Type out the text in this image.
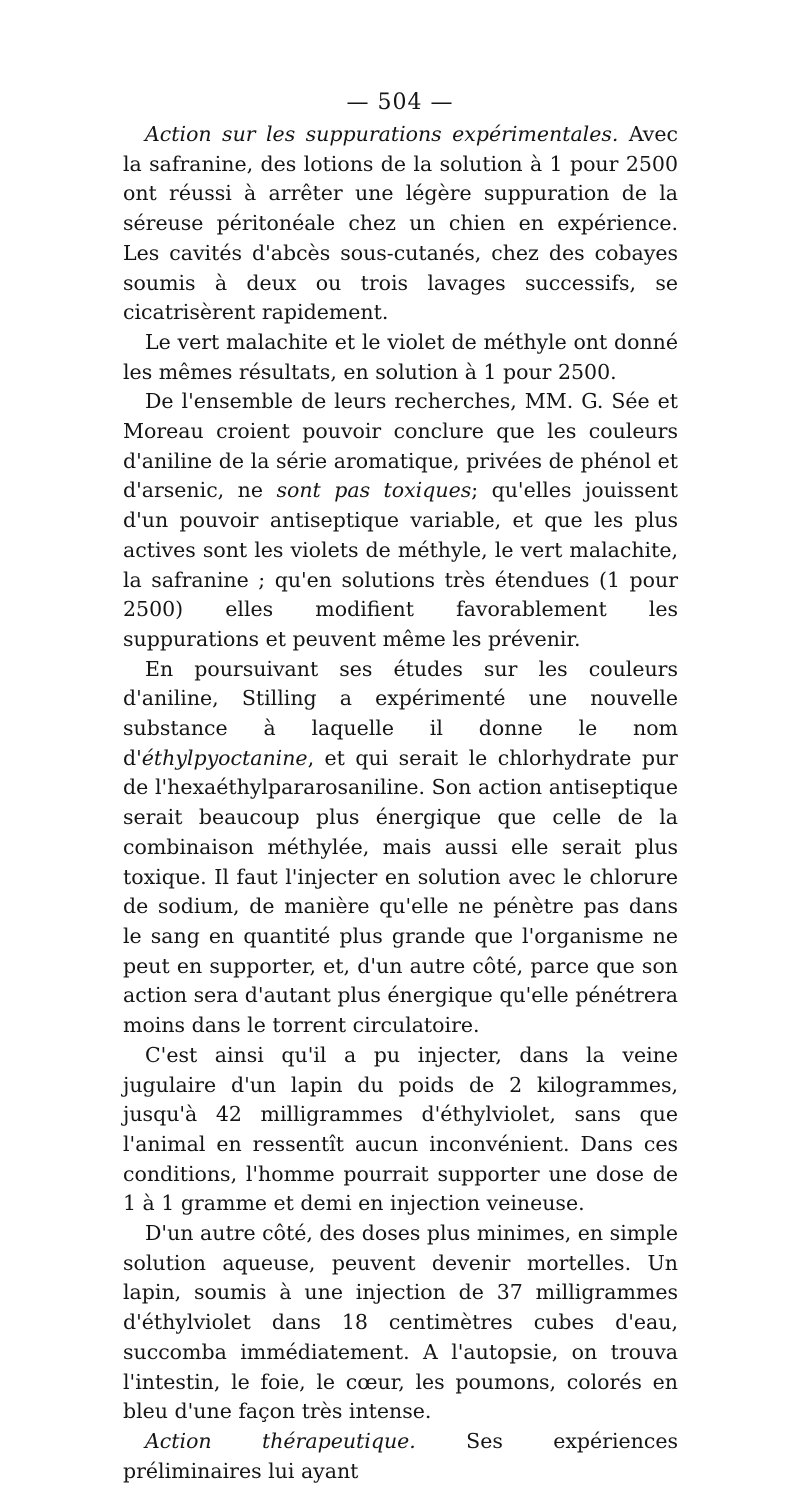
— 504 —

Action sur les suppurations expérimentales. Avec la safranine, des lotions de la solution à 1 pour 2500 ont réussi à arrêter une légère suppuration de la séreuse péritonéale chez un chien en expérience. Les cavités d'abcès sous-cutanés, chez des cobayes soumis à deux ou trois lavages successifs, se cicatrisèrent rapidement.

Le vert malachite et le violet de méthyle ont donné les mêmes résultats, en solution à 1 pour 2500.

De l'ensemble de leurs recherches, MM. G. Sée et Moreau croient pouvoir conclure que les couleurs d'aniline de la série aromatique, privées de phénol et d'arsenic, ne sont pas toxiques; qu'elles jouissent d'un pouvoir antiseptique variable, et que les plus actives sont les violets de méthyle, le vert malachite, la safranine ; qu'en solutions très étendues (1 pour 2500) elles modifient favorablement les suppurations et peuvent même les prévenir.

En poursuivant ses études sur les couleurs d'aniline, Stilling a expérimenté une nouvelle substance à laquelle il donne le nom d'éthylpyoctanine, et qui serait le chlorhydrate pur de l'hexaéthylpararosaniline. Son action antiseptique serait beaucoup plus énergique que celle de la combinaison méthylée, mais aussi elle serait plus toxique. Il faut l'injecter en solution avec le chlorure de sodium, de manière qu'elle ne pénètre pas dans le sang en quantité plus grande que l'organisme ne peut en supporter, et, d'un autre côté, parce que son action sera d'autant plus énergique qu'elle pénétrera moins dans le torrent circulatoire.

C'est ainsi qu'il a pu injecter, dans la veine jugulaire d'un lapin du poids de 2 kilogrammes, jusqu'à 42 milligrammes d'éthylviolet, sans que l'animal en ressentît aucun inconvénient. Dans ces conditions, l'homme pourrait supporter une dose de 1 à 1 gramme et demi en injection veineuse.

D'un autre côté, des doses plus minimes, en simple solution aqueuse, peuvent devenir mortelles. Un lapin, soumis à une injection de 37 milligrammes d'éthylviolet dans 18 centimètres cubes d'eau, succomba immédiatement. A l'autopsie, on trouva l'intestin, le foie, le cœur, les poumons, colorés en bleu d'une façon très intense.

Action thérapeutique. Ses expériences préliminaires lui ayant
